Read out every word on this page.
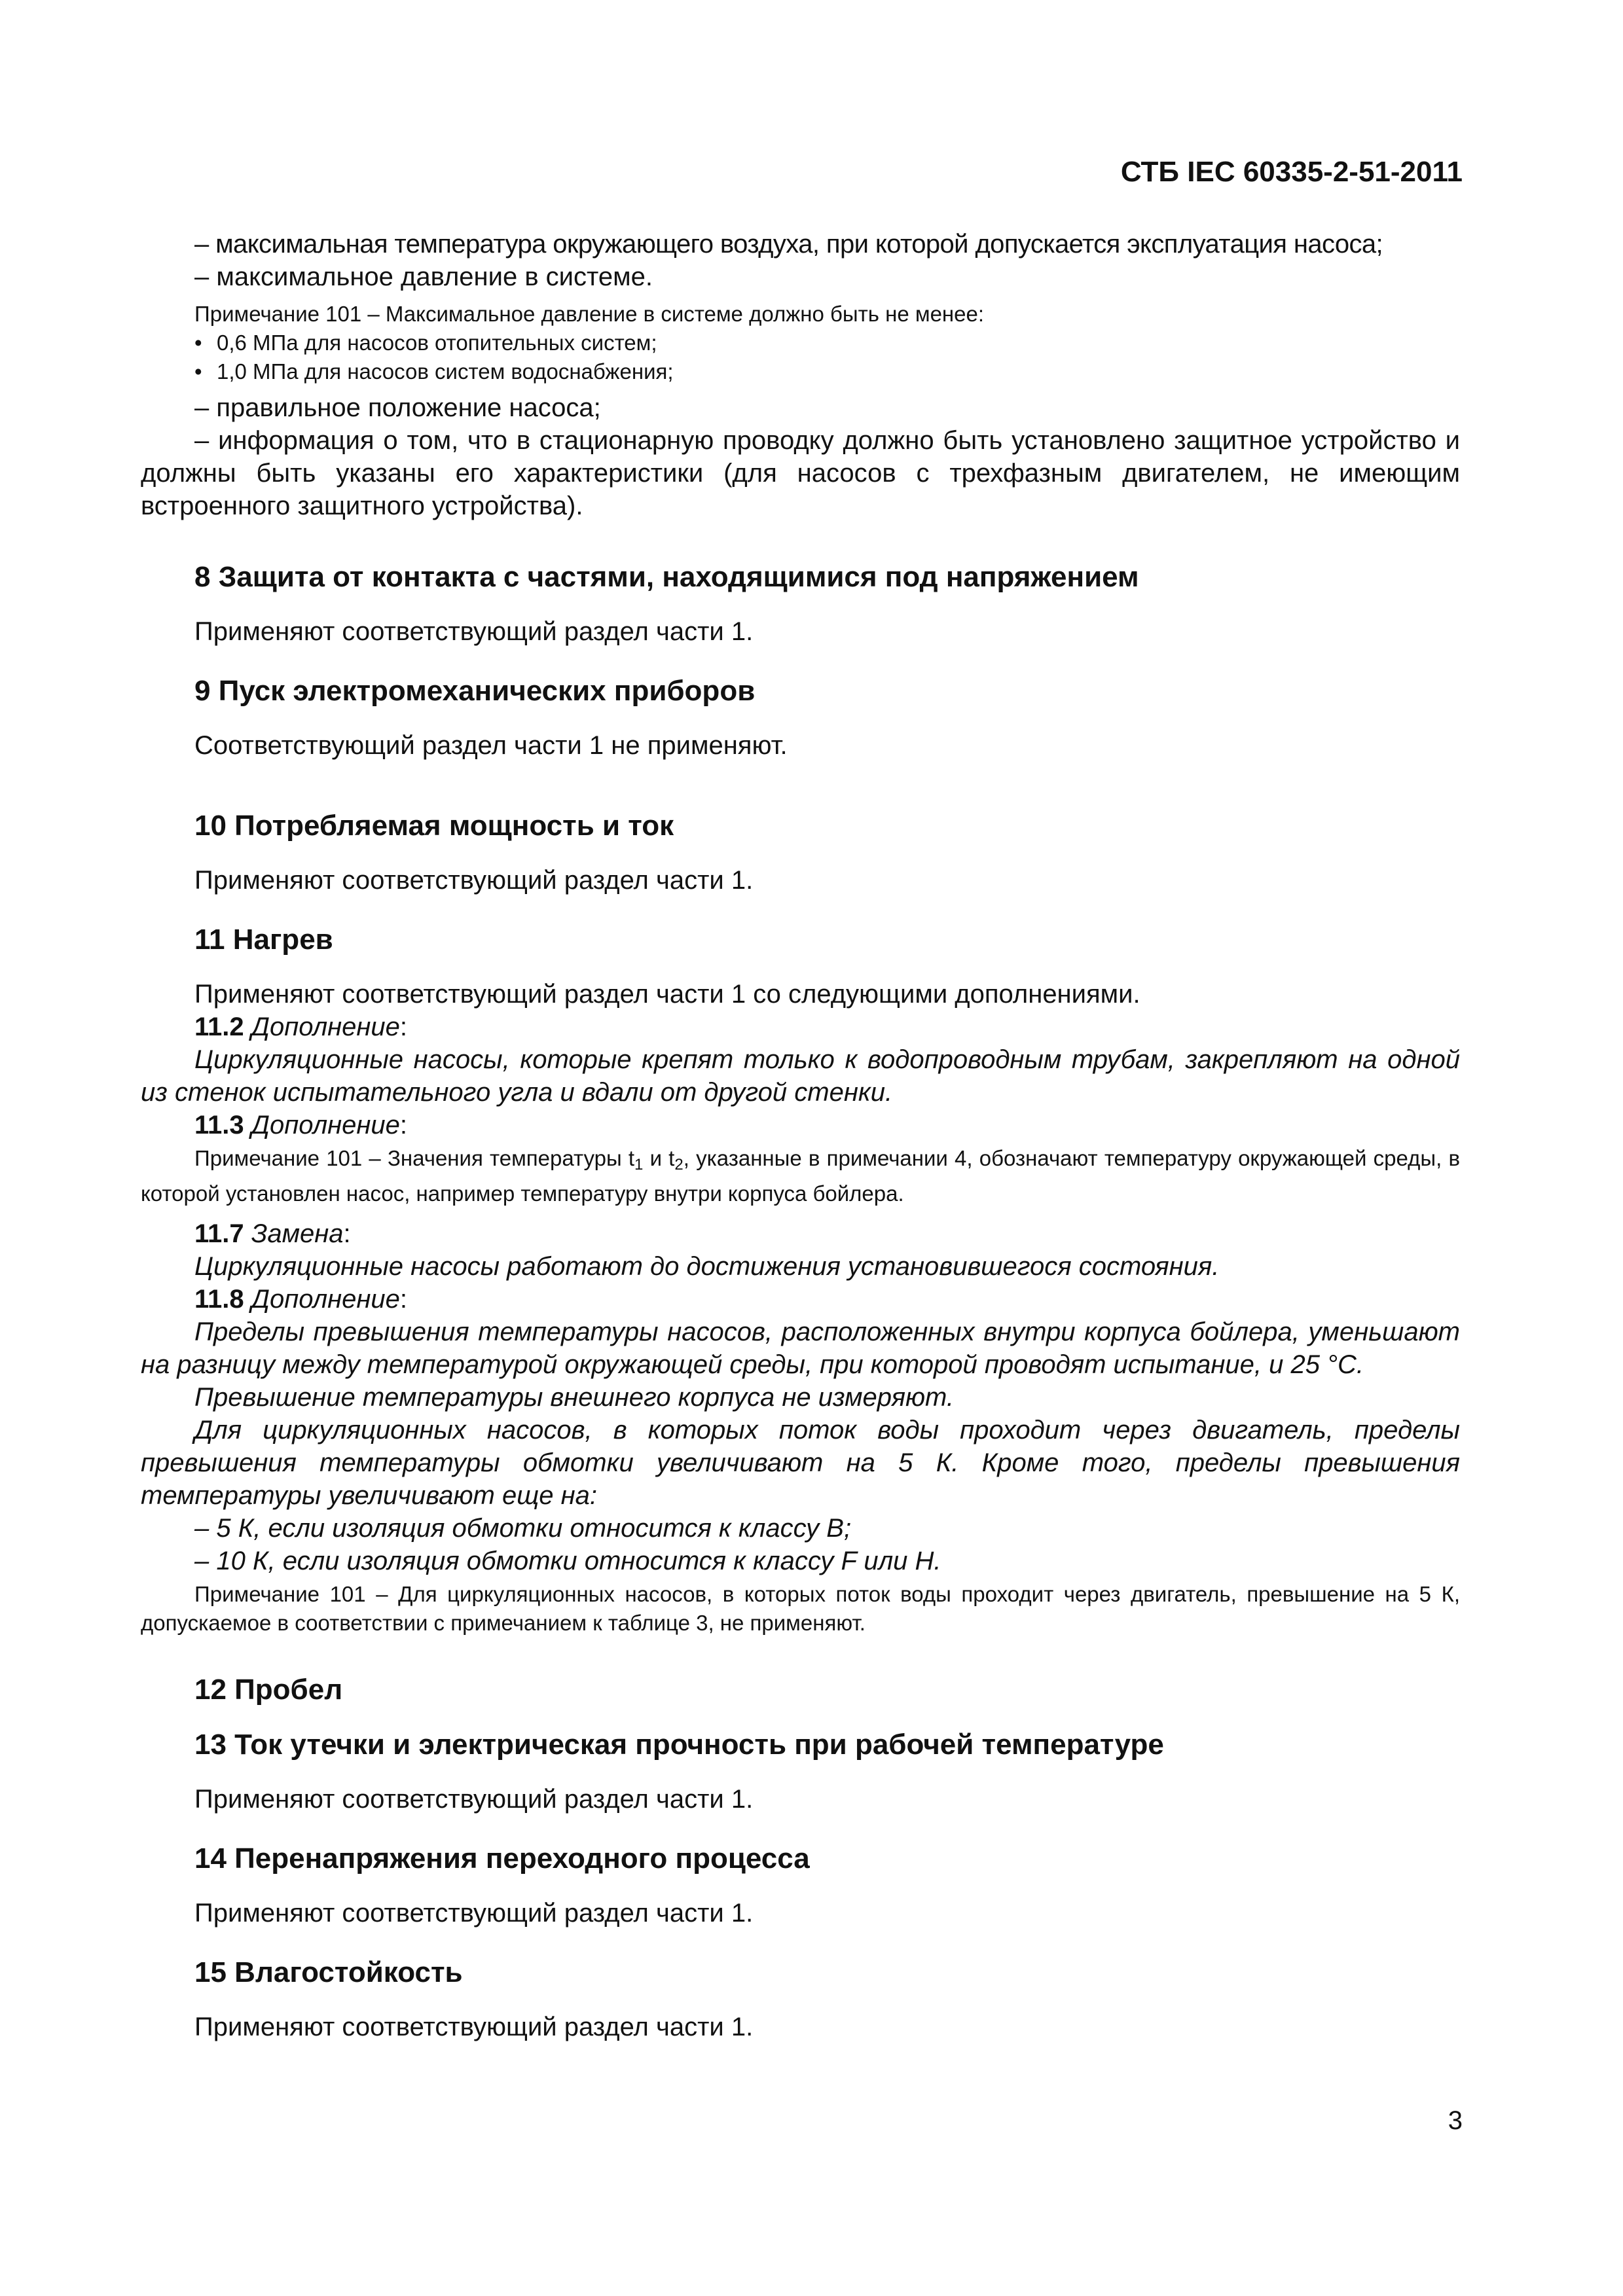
СТБ IEC 60335-2-51-2011

– максимальная температура окружающего воздуха, при которой допускается эксплуатация насоса;

– максимальное давление в системе.

Примечание 101 – Максимальное давление в системе должно быть не менее:

• 0,6 МПа для насосов отопительных систем;

• 1,0 МПа для насосов систем водоснабжения;

– правильное положение насоса;

– информация о том, что в стационарную проводку должно быть установлено защитное устройство и должны быть указаны его характеристики (для насосов с трехфазным двигателем, не имеющим встроенного защитного устройства).

8 Защита от контакта с частями, находящимися под напряжением

Применяют соответствующий раздел части 1.

9 Пуск электромеханических приборов

Соответствующий раздел части 1 не применяют.

10 Потребляемая мощность и ток

Применяют соответствующий раздел части 1.

11 Нагрев

Применяют соответствующий раздел части 1 со следующими дополнениями.

11.2 Дополнение:

Циркуляционные насосы, которые крепят только к водопроводным трубам, закрепляют на одной из стенок испытательного угла и вдали от другой стенки.

11.3 Дополнение:

Примечание 101 – Значения температуры $t_1$ и $t_2$, указанные в примечании 4, обозначают температуру окружающей среды, в которой установлен насос, например температуру внутри корпуса бойлера.

11.7 Замена:

Циркуляционные насосы работают до достижения установившегося состояния.

11.8 Дополнение:

Пределы превышения температуры насосов, расположенных внутри корпуса бойлера, уменьшают на разницу между температурой окружающей среды, при которой проводят испытание, и 25 °С.

Превышение температуры внешнего корпуса не измеряют.

Для циркуляционных насосов, в которых поток воды проходит через двигатель, пределы превышения температуры обмотки увеличивают на 5 К. Кроме того, пределы превышения температуры увеличивают еще на:

– 5 К, если изоляция обмотки относится к классу В;

– 10 К, если изоляция обмотки относится к классу F или Н.

Примечание 101 – Для циркуляционных насосов, в которых поток воды проходит через двигатель, превышение на 5 К, допускаемое в соответствии с примечанием к таблице 3, не применяют.

12 Пробел
13 Ток утечки и электрическая прочность при рабочей температуре

Применяют соответствующий раздел части 1.

14 Перенапряжения переходного процесса

Применяют соответствующий раздел части 1.

15 Влагостойкость

Применяют соответствующий раздел части 1.

3
